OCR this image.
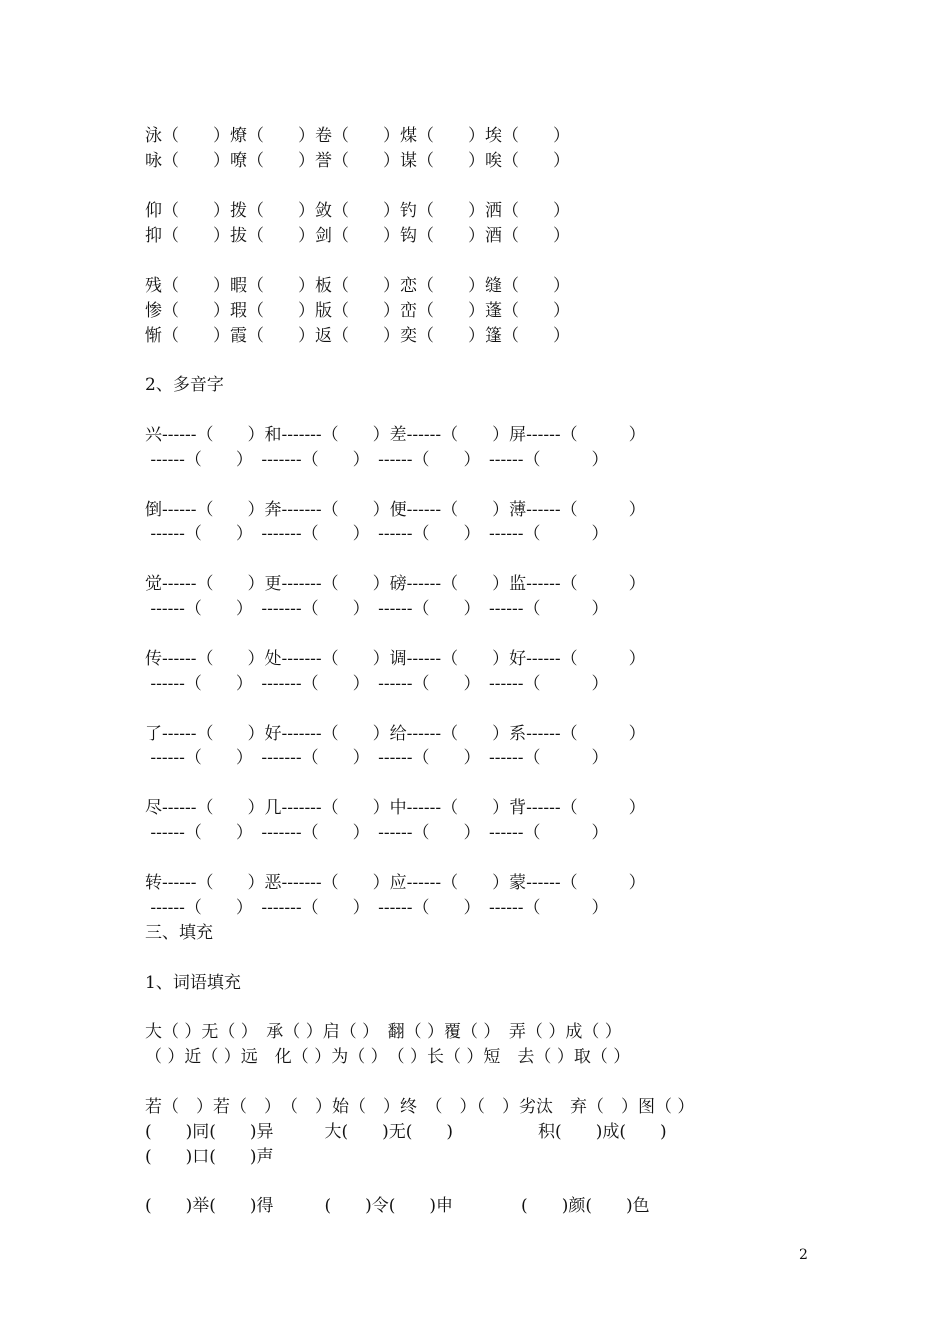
泳（　　）燎（　　）卷（　　）煤（　　）埃（　　）
咏（　　）嘹（　　）誉（　　）谋（　　）唉（　　）
仰（　　）拨（　　）敛（　　）钓（　　）洒（　　）
抑（　　）拔（　　）剑（　　）钩（　　）酒（　　）
残（　　）暇（　　）板（　　）恋（　　）缝（　　）
惨（　　）瑕（　　）版（　　）峦（　　）蓬（　　）
惭（　　）霞（　　）返（　　）奕（　　）篷（　　）
2、多音字
兴------（　　）和-------（　　）差------（　　）屏------（　　　）
------（　　）　-------（　　）　------（　　）　------（　　　）
倒------（　　）奔-------（　　）便------（　　）薄------（　　　）
------（　　）　-------（　　）　------（　　）　------（　　　）
觉------（　　）更-------（　　）磅------（　　）监------（　　　）
------（　　）　-------（　　）　------（　　）　------（　　　）
传------（　　）处-------（　　）调------（　　）好------（　　　）
------（　　）　-------（　　）　------（　　）　------（　　　）
了------（　　）好-------（　　）给------（　　）系------（　　　）
------（　　）　-------（　　）　------（　　）　------（　　　）
尽------（　　）几-------（　　）中------（　　）背------（　　　）
------（　　）　-------（　　）　------（　　）　------（　　　）
转------（　　）恶-------（　　）应------（　　）蒙------（　　　）
------（　　）　-------（　　）　------（　　）　------（　　　）
三、填充
1、词语填充
大（ ）无（ ）　承（ ）启（ ）　翻（ ）覆（ ）　弄（ ）成（ ）
（ ）近（ ）远　化（ ）为（ ）　（ ）长（ ）短　去（ ）取（ ）
若（　）若（　）　（　）始（　）终　（　）（　）劣汰　弃（　）图（ ）
(　　)同(　　)异　　　大(　　)无(　　)　　　　　积(　　)成(　　)
(　　)口(　　)声
(　　)举(　　)得　　　(　　)令(　　)申　　　　(　　)颜(　　)色
2
